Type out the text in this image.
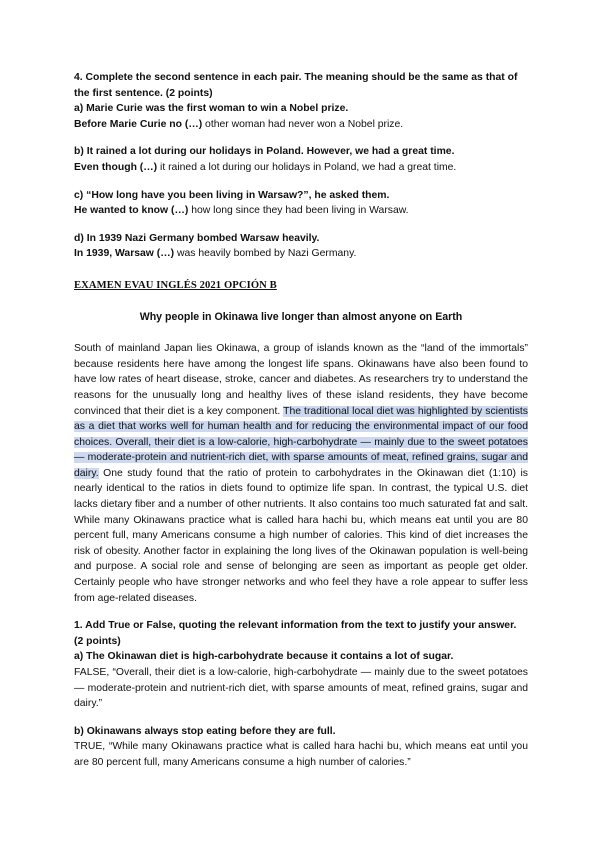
4. Complete the second sentence in each pair. The meaning should be the same as that of the first sentence. (2 points)

a) Marie Curie was the first woman to win a Nobel prize.

Before Marie Curie no (…) other woman had never won a Nobel prize.

b) It rained a lot during our holidays in Poland. However, we had a great time.

Even though (…) it rained a lot during our holidays in Poland, we had a great time.

c) “How long have you been living in Warsaw?”, he asked them.

He wanted to know (…) how long since they had been living in Warsaw.

d) In 1939 Nazi Germany bombed Warsaw heavily.

In 1939, Warsaw (…) was heavily bombed by Nazi Germany.

EXAMEN EVAU INGLÉS 2021 OPCIÓN B

Why people in Okinawa live longer than almost anyone on Earth

South of mainland Japan lies Okinawa, a group of islands known as the “land of the immortals” because residents here have among the longest life spans. Okinawans have also been found to have low rates of heart disease, stroke, cancer and diabetes. As researchers try to understand the reasons for the unusually long and healthy lives of these island residents, they have become convinced that their diet is a key component. The traditional local diet was highlighted by scientists as a diet that works well for human health and for reducing the environmental impact of our food choices. Overall, their diet is a low-calorie, high-carbohydrate — mainly due to the sweet potatoes — moderate-protein and nutrient-rich diet, with sparse amounts of meat, refined grains, sugar and dairy. One study found that the ratio of protein to carbohydrates in the Okinawan diet (1:10) is nearly identical to the ratios in diets found to optimize life span. In contrast, the typical U.S. diet lacks dietary fiber and a number of other nutrients. It also contains too much saturated fat and salt. While many Okinawans practice what is called hara hachi bu, which means eat until you are 80 percent full, many Americans consume a high number of calories. This kind of diet increases the risk of obesity. Another factor in explaining the long lives of the Okinawan population is well-being and purpose. A social role and sense of belonging are seen as important as people get older. Certainly people who have stronger networks and who feel they have a role appear to suffer less from age-related diseases.

1. Add True or False, quoting the relevant information from the text to justify your answer. (2 points)

a) The Okinawan diet is high-carbohydrate because it contains a lot of sugar.

FALSE, “Overall, their diet is a low-calorie, high-carbohydrate — mainly due to the sweet potatoes — moderate-protein and nutrient-rich diet, with sparse amounts of meat, refined grains, sugar and dairy.”

b) Okinawans always stop eating before they are full.

TRUE, “While many Okinawans practice what is called hara hachi bu, which means eat until you are 80 percent full, many Americans consume a high number of calories.”
